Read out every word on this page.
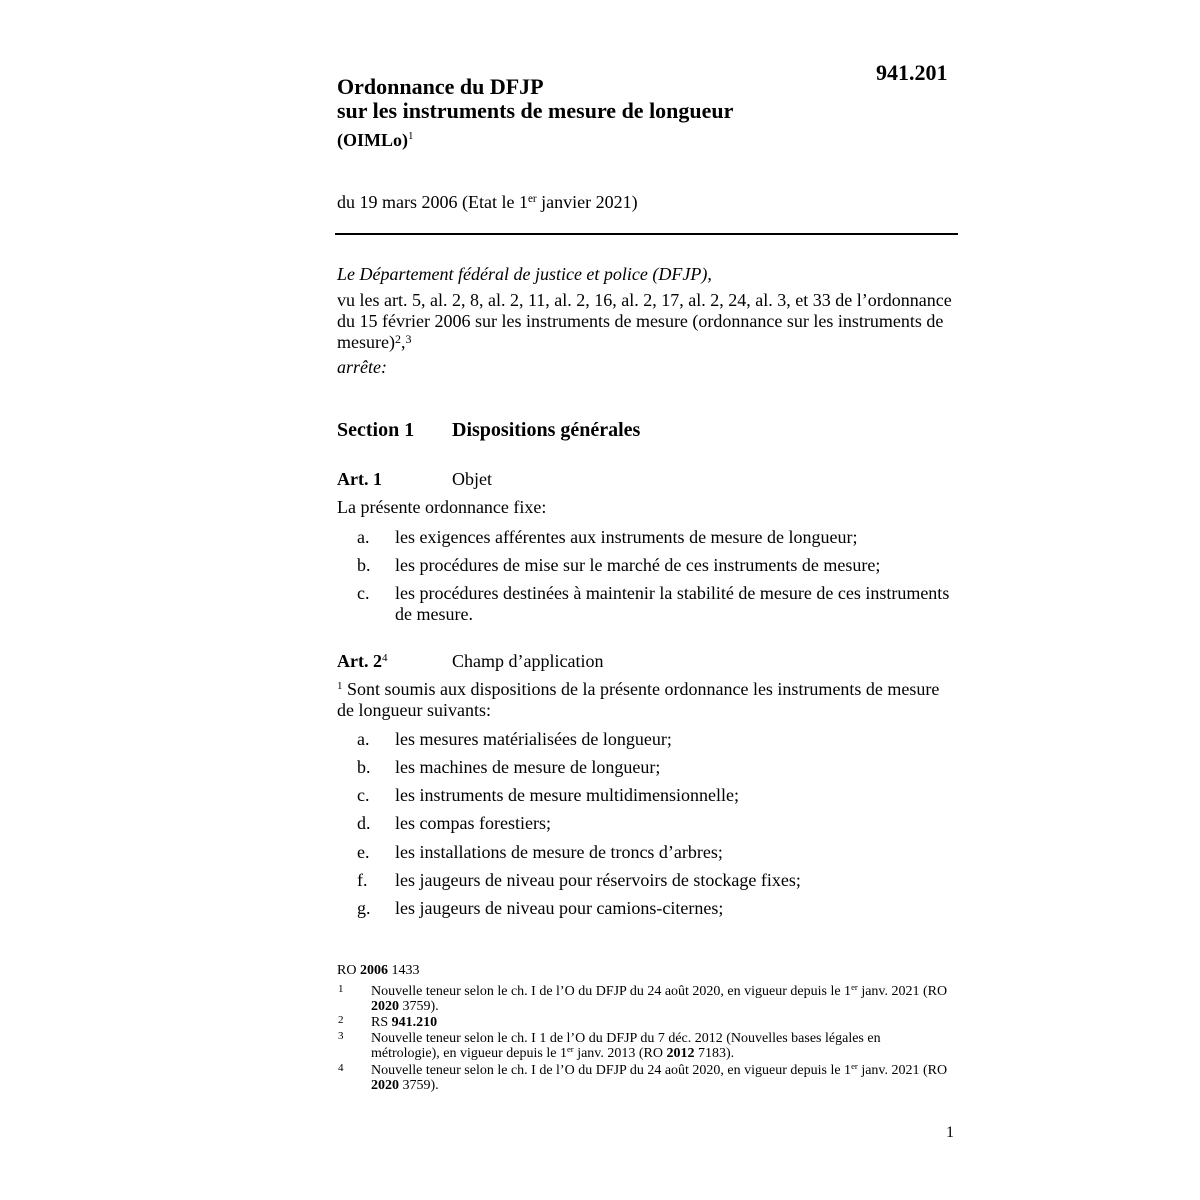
941.201
Ordonnance du DFJP
sur les instruments de mesure de longueur
(OIMLo)$^1$
du 19 mars 2006 (Etat le 1er janvier 2021)
Le Département fédéral de justice et police (DFJP),
vu les art. 5, al. 2, 8, al. 2, 11, al. 2, 16, al. 2, 17, al. 2, 24, al. 3, et 33 de l’ordonnance du 15 février 2006 sur les instruments de mesure (ordonnance sur les instruments de mesure)$^2$,$^3$
arrête:
Section 1 Dispositions générales
Art. 1	Objet
La présente ordonnance fixe:
a. les exigences afférentes aux instruments de mesure de longueur;
b. les procédures de mise sur le marché de ces instruments de mesure;
c. les procédures destinées à maintenir la stabilité de mesure de ces instruments de mesure.
Art. $2^4$	Champ d’application
$^1$ Sont soumis aux dispositions de la présente ordonnance les instruments de mesure de longueur suivants:
a. les mesures matérialisées de longueur;
b. les machines de mesure de longueur;
c. les instruments de mesure multidimensionnelle;
d. les compas forestiers;
e. les installations de mesure de troncs d’arbres;
f. les jaugeurs de niveau pour réservoirs de stockage fixes;
g. les jaugeurs de niveau pour camions-citernes;
RO 2006 1433
1 Nouvelle teneur selon le ch. I de l’O du DFJP du 24 août 2020, en vigueur depuis le 1er janv. 2021 (RO 2020 3759).
2 RS 941.210
3 Nouvelle teneur selon le ch. I 1 de l’O du DFJP du 7 déc. 2012 (Nouvelles bases légales en métrologie), en vigueur depuis le 1er janv. 2013 (RO 2012 7183).
4 Nouvelle teneur selon le ch. I de l’O du DFJP du 24 août 2020, en vigueur depuis le 1er janv. 2021 (RO 2020 3759).
1
